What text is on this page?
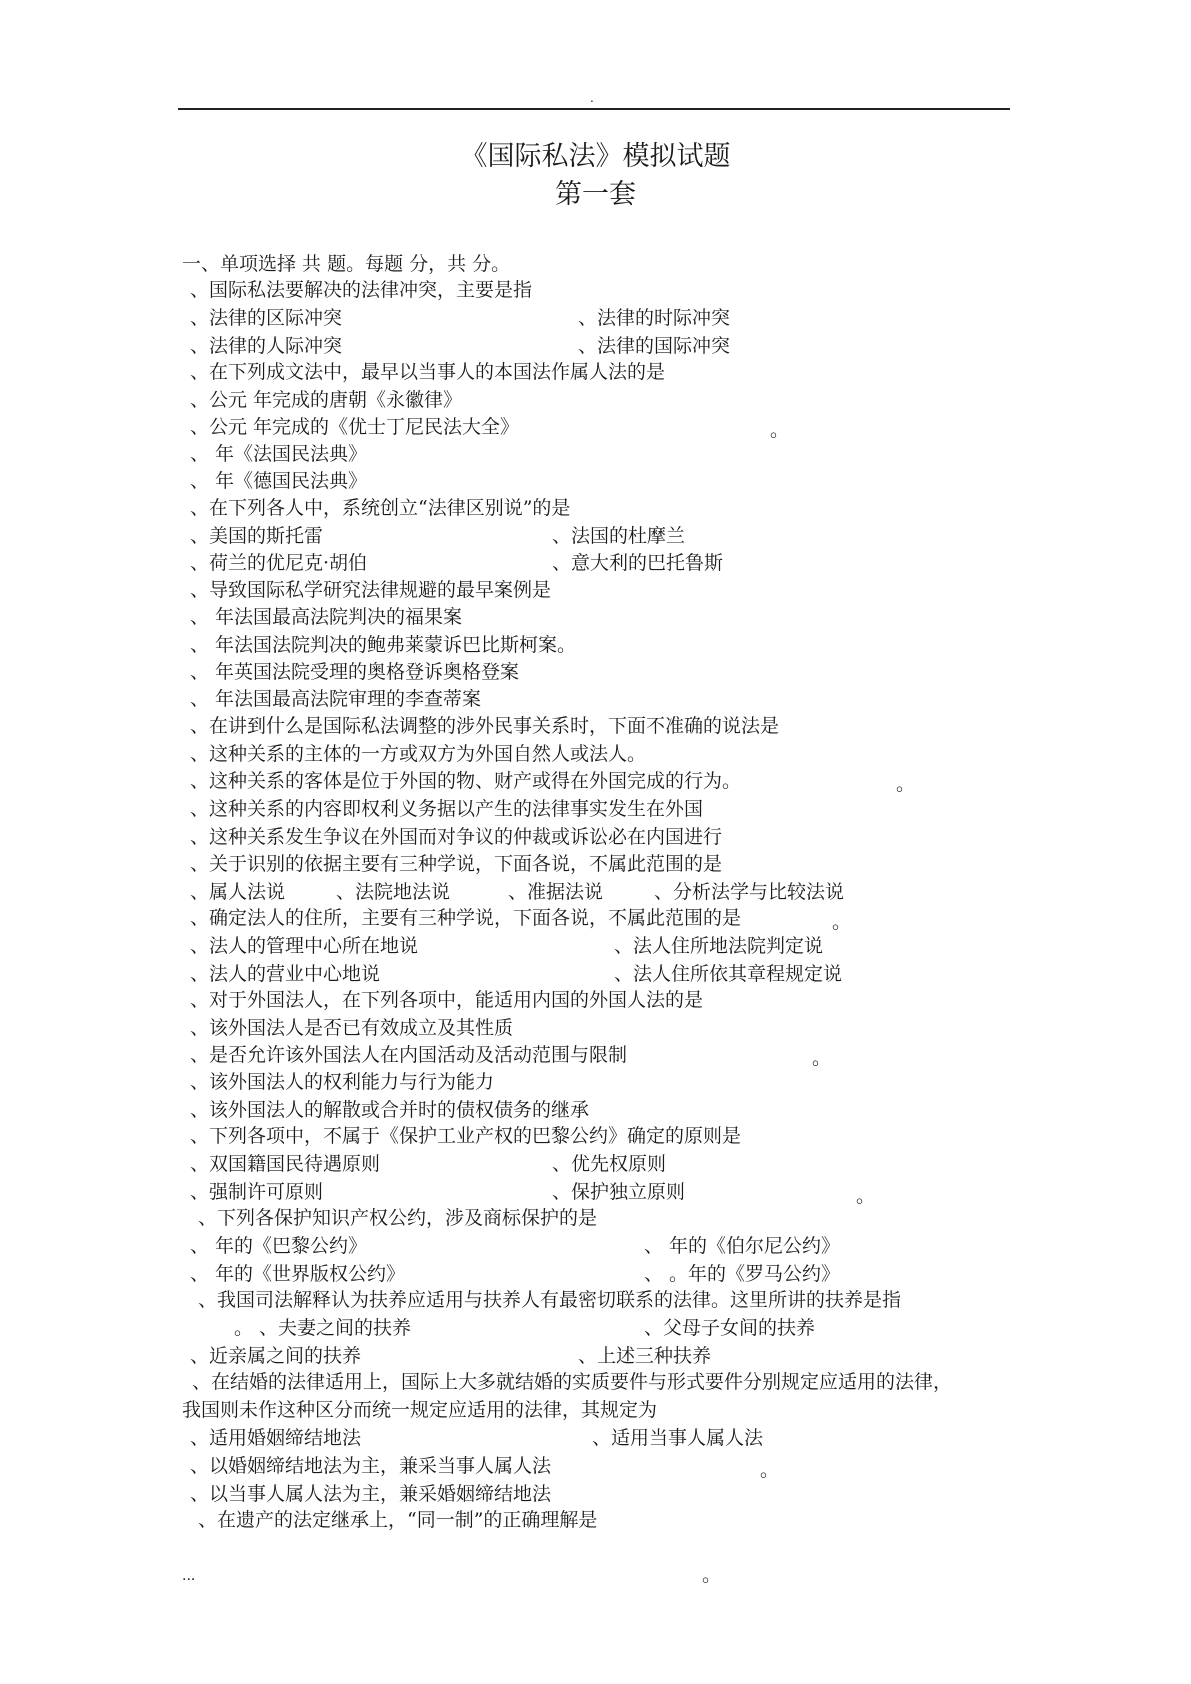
.
《国际私法》模拟试题
第一套
一、单项选择 共 题。每题 分，共 分。
、国际私法要解决的法律冲突，主要是指
、法律的区际冲突	、法律的时际冲突
、法律的人际冲突	、法律的国际冲突
、在下列成文法中，最早以当事人的本国法作属人法的是
、公元 年完成的唐朝《永徽律》
、公元 年完成的《优士丁尼民法大全》	。
、 年《法国民法典》
、 年《德国民法典》
、在下列各人中，系统创立“法律区别说”的是
、美国的斯托雷	、法国的杜摩兰
、荷兰的优尼克·胡伯	、意大利的巴托鲁斯
、导致国际私学研究法律规避的最早案例是
、 年法国最高法院判决的福果案
、 年法国法院判决的鲍弗莱蒙诉巴比斯柯案。
、 年英国法院受理的奥格登诉奥格登案
、 年法国最高法院审理的李查蒂案
、在讲到什么是国际私法调整的涉外民事关系时，下面不准确的说法是
、这种关系的主体的一方或双方为外国自然人或法人。
、这种关系的客体是位于外国的物、财产或得在外国完成的行为。	。
、这种关系的内容即权利义务据以产生的法律事实发生在外国
、这种关系发生争议在外国而对争议的仲裁或诉讼必在内国进行
、关于识别的依据主要有三种学说，下面各说，不属此范围的是
、属人法说	、法院地法说	、准据法说	、分析法学与比较法说
、确定法人的住所，主要有三种学说，下面各说，不属此范围的是	。
、法人的管理中心所在地说	、法人住所地法院判定说
、法人的营业中心地说	、法人住所依其章程规定说
、对于外国法人，在下列各项中，能适用内国的外国人法的是
、该外国法人是否已有效成立及其性质
、是否允许该外国法人在内国活动及活动范围与限制	。
、该外国法人的权利能力与行为能力
、该外国法人的解散或合并时的债权债务的继承
、下列各项中，不属于《保护工业产权的巴黎公约》确定的原则是
、双国籍国民待遇原则	、优先权原则
、强制许可原则	、保护独立原则	。
、下列各保护知识产权公约，涉及商标保护的是
、 年的《巴黎公约》	、 年的《伯尔尼公约》
、 年的《世界版权公约》	、 。年的《罗马公约》
、我国司法解释认为扶养应适用与扶养人有最密切联系的法律。这里所讲的扶养是指
。 、夫妻之间的扶养	、父母子女间的扶养
、近亲属之间的扶养	、上述三种扶养
、在结婚的法律适用上，国际上大多就结婚的实质要件与形式要件分别规定应适用的法律，
我国则未作这种区分而统一规定应适用的法律，其规定为
、适用婚姻缔结地法	、适用当事人属人法
、以婚姻缔结地法为主，兼采当事人属人法	。
、以当事人属人法为主，兼采婚姻缔结地法
、在遗产的法定继承上，“同一制”的正确理解是
...	。
